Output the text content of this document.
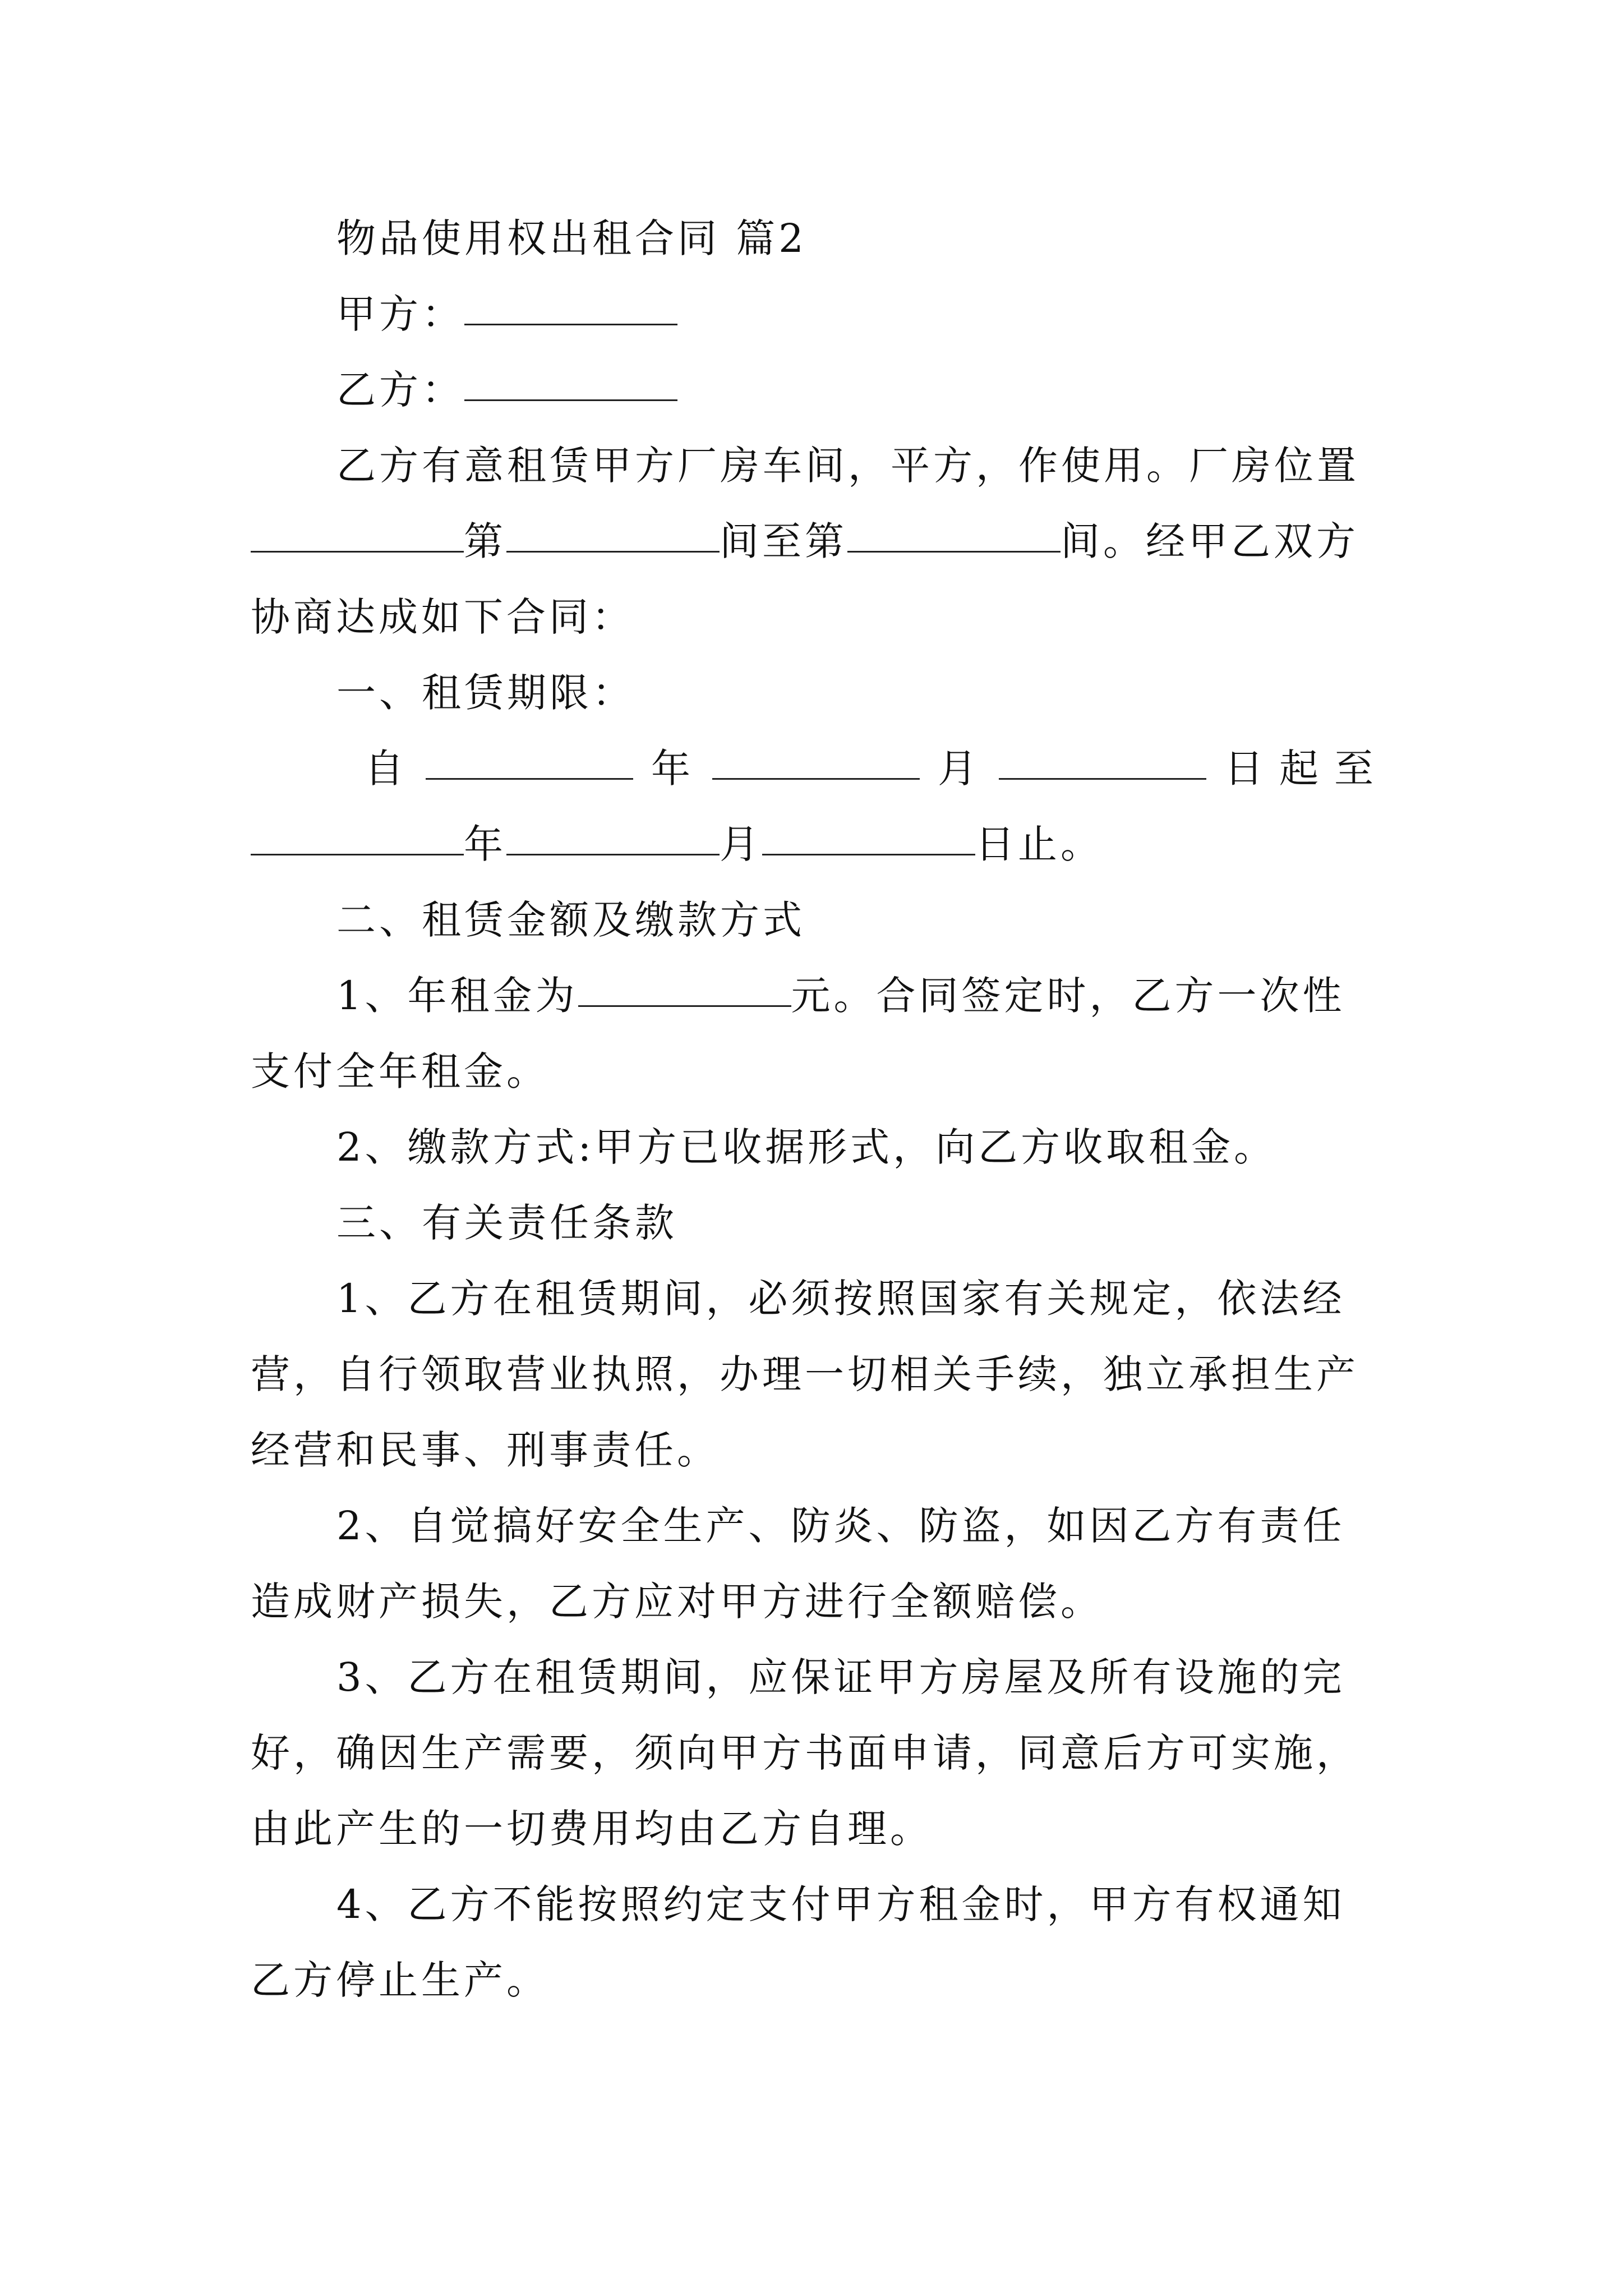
物品使用权出租合同 篇2
甲方：
乙方：
乙方有意租赁甲方厂房车间，平方，作使用。厂房位置
第	间至第	间。经甲乙双方
协商达成如下合同：
一、租赁期限：
自	年	月	日起至
年	月	日止。
二、租赁金额及缴款方式
1、年租金为	元。合同签定时，乙方一次性
支付全年租金。
2、缴款方式:甲方已收据形式，向乙方收取租金。
三、有关责任条款
1、乙方在租赁期间，必须按照国家有关规定，依法经
营，自行领取营业执照，办理一切相关手续，独立承担生产
经营和民事、刑事责任。
2、自觉搞好安全生产、防炎、防盗，如因乙方有责任
造成财产损失，乙方应对甲方进行全额赔偿。
3、乙方在租赁期间，应保证甲方房屋及所有设施的完
好，确因生产需要，须向甲方书面申请，同意后方可实施，
由此产生的一切费用均由乙方自理。
4、乙方不能按照约定支付甲方租金时，甲方有权通知
乙方停止生产。
